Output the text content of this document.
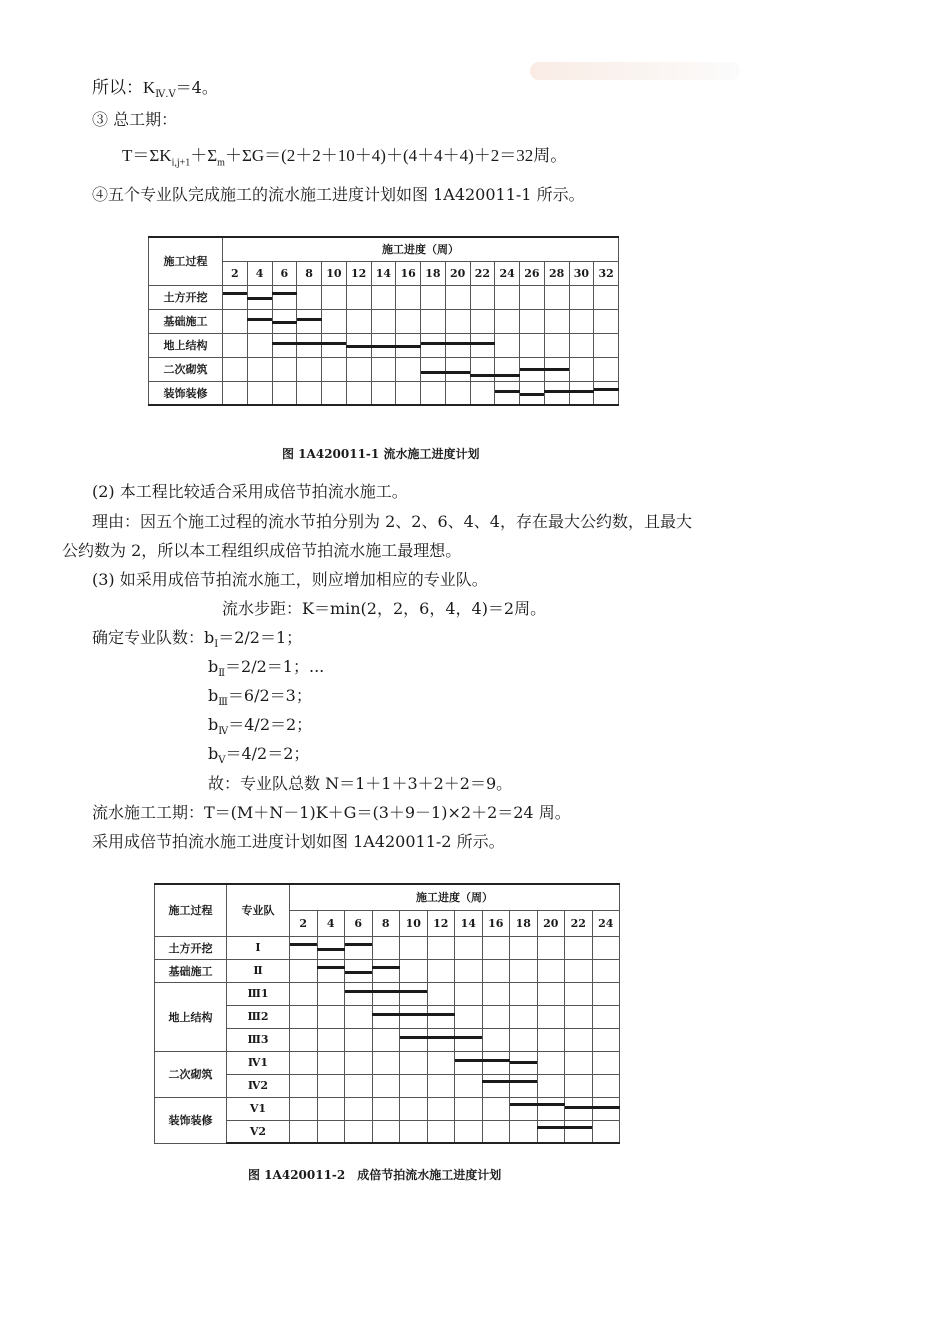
所以：$K_{Ⅳ.Ⅴ}=4$。
③ 总工期：
$T=\Sigma K_{i,j+1}+\Sigma_m+\Sigma G=(2+2+10+4)+(4+4+4)+2=32$周。
④五个专业队完成施工的流水施工进度计划如图 1A420011-1 所示。
施工过程	施工进度（周）															
	2	4	6	8	10	12	14	16	18	20	22	24	26	28	30	32
土方开挖																
基础施工																
地上结构																
二次砌筑																
装饰装修																
图 1A420011-1 流水施工进度计划
(2) 本工程比较适合采用成倍节拍流水施工。
理由：因五个施工过程的流水节拍分别为 2、2、6、4、4，存在最大公约数，且最大
公约数为 2，所以本工程组织成倍节拍流水施工最理想。
(3) 如采用成倍节拍流水施工，则应增加相应的专业队。
流水步距：K＝min(2，2，6，4，4)＝2周。
确定专业队数：$b_Ⅰ=2/2=1$；
$b_Ⅱ=2/2=1$；...
$b_Ⅲ=6/2=3$；
$b_Ⅳ=4/2=2$；
$b_Ⅴ=4/2=2$；
故：专业队总数 N＝1＋1＋3＋2＋2＝9。
流水施工工期：T＝(M＋N－1)K＋G＝(3＋9－1)×2＋2＝24 周。
采用成倍节拍流水施工进度计划如图 1A420011-2 所示。
施工过程	专业队	施工进度（周）											
		2	4	6	8	10	12	14	16	18	20	22	24
土方开挖	Ⅰ												
基础施工	Ⅱ												
地上结构	Ⅲ1												
	Ⅲ2												
	Ⅲ3												
二次砌筑	Ⅳ1												
	Ⅳ2												
装饰装修	Ⅴ1												
	Ⅴ2												
图 1A420011-2　成倍节拍流水施工进度计划
